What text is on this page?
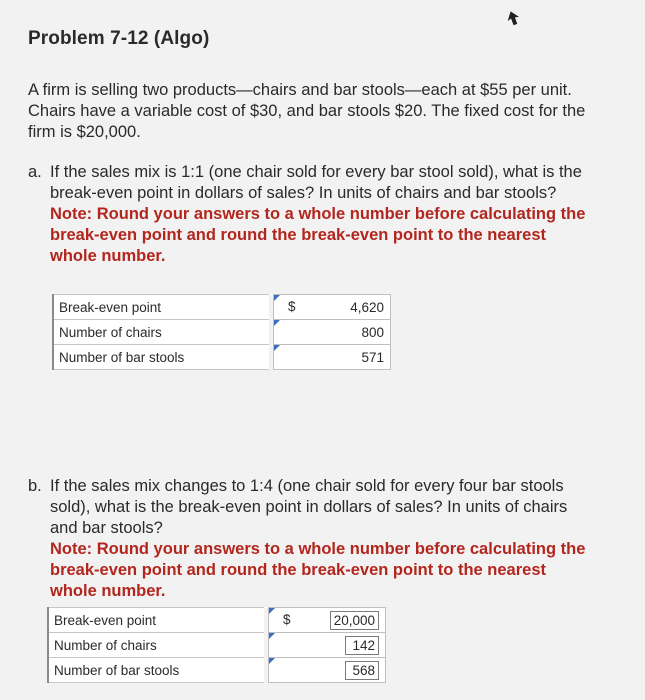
Problem 7-12 (Algo)
A firm is selling two products—chairs and bar stools—each at $55 per unit. Chairs have a variable cost of $30, and bar stools $20. The fixed cost for the firm is $20,000.
a. If the sales mix is 1:1 (one chair sold for every bar stool sold), what is the break-even point in dollars of sales? In units of chairs and bar stools?
Note: Round your answers to a whole number before calculating the break-even point and round the break-even point to the nearest whole number.
Break-even point		$ 4,620
Number of chairs		800
Number of bar stools		571
b. If the sales mix changes to 1:4 (one chair sold for every four bar stools sold), what is the break-even point in dollars of sales? In units of chairs and bar stools?
Note: Round your answers to a whole number before calculating the break-even point and round the break-even point to the nearest whole number.
Break-even point		$ 20,000
Number of chairs		142
Number of bar stools		568
